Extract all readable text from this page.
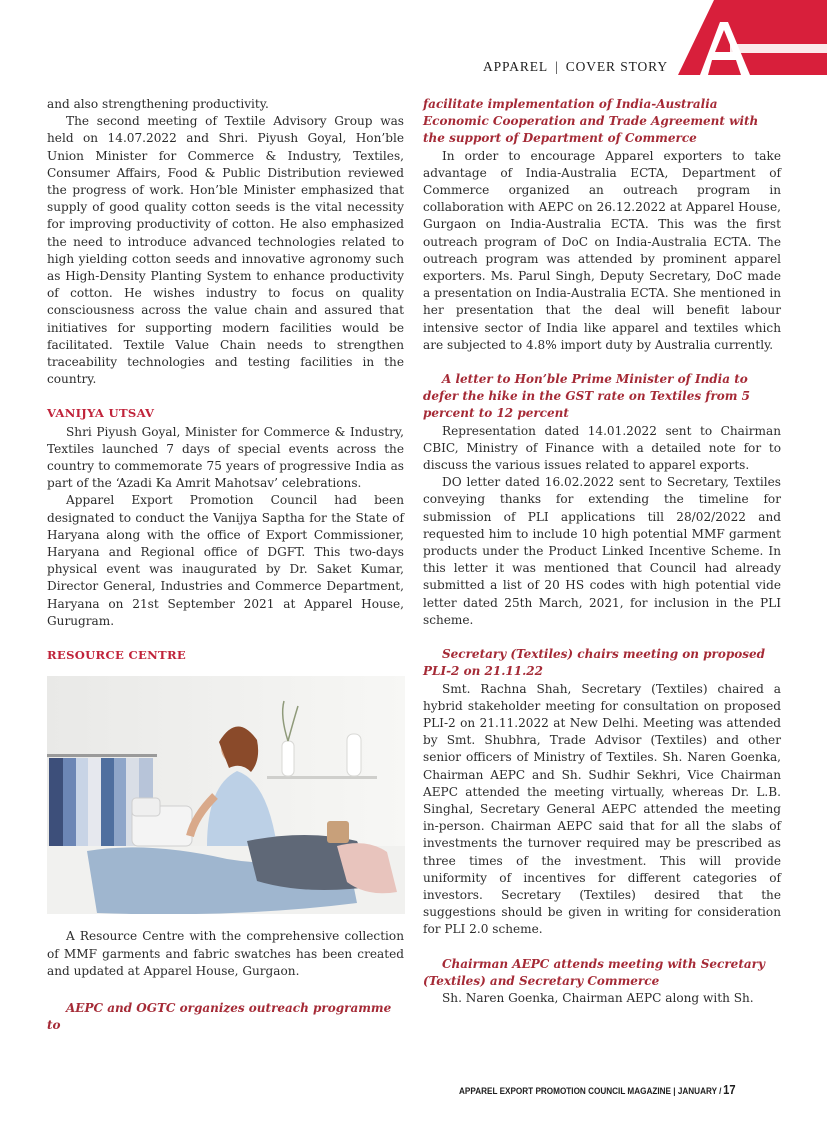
APPAREL | COVER STORY

and also strengthening productivity.

The second meeting of Textile Advisory Group was held on 14.07.2022 and Shri. Piyush Goyal, Hon’ble Union Minister for Commerce & Industry, Textiles, Consumer Affairs, Food & Public Distribution reviewed the progress of work. Hon’ble Minister emphasized that supply of good quality cotton seeds is the vital necessity for improving productivity of cotton. He also emphasized the need to introduce advanced technologies related to high yielding cotton seeds and innovative agronomy such as High-Density Planting System to enhance productivity of cotton. He wishes industry to focus on quality consciousness across the value chain and assured that initiatives for supporting modern facilities would be facilitated. Textile Value Chain needs to strengthen traceability technologies and testing facilities in the country.

VANIJYA UTSAV

Shri Piyush Goyal, Minister for Commerce & Industry, Textiles launched 7 days of special events across the country to commemorate 75 years of progressive India as part of the ‘Azadi Ka Amrit Mahotsav’ celebrations.

Apparel Export Promotion Council had been designated to conduct the Vanijya Saptha for the State of Haryana along with the office of Export Commissioner, Haryana and Regional office of DGFT. This two-days physical event was inaugurated by Dr. Saket Kumar, Director General, Industries and Commerce Department, Haryana on 21st September 2021 at Apparel House, Gurugram.

RESOURCE CENTRE

A Resource Centre with the comprehensive collection of MMF garments and fabric swatches has been created and updated at Apparel House, Gurgaon.

AEPC and OGTC organizes outreach programme to
facilitate implementation of India-Australia Economic Cooperation and Trade Agreement with the support of Department of Commerce

In order to encourage Apparel exporters to take advantage of India-Australia ECTA, Department of Commerce organized an outreach program in collaboration with AEPC on 26.12.2022 at Apparel House, Gurgaon on India-Australia ECTA. This was the first outreach program of DoC on India-Australia ECTA. The outreach program was attended by prominent apparel exporters. Ms. Parul Singh, Deputy Secretary, DoC made a presentation on India-Australia ECTA. She mentioned in her presentation that the deal will benefit labour intensive sector of India like apparel and textiles which are subjected to 4.8% import duty by Australia currently.

A letter to Hon’ble Prime Minister of India to defer the hike in the GST rate on Textiles from 5 percent to 12 percent

Representation dated 14.01.2022 sent to Chairman CBIC, Ministry of Finance with a detailed note for to discuss the various issues related to apparel exports.

DO letter dated 16.02.2022 sent to Secretary, Textiles conveying thanks for extending the timeline for submission of PLI applications till 28/02/2022 and requested him to include 10 high potential MMF garment products under the Product Linked Incentive Scheme. In this letter it was mentioned that Council had already submitted a list of 20 HS codes with high potential vide letter dated 25th March, 2021, for inclusion in the PLI scheme.

Secretary (Textiles) chairs meeting on proposed PLI-2 on 21.11.22

Smt. Rachna Shah, Secretary (Textiles) chaired a hybrid stakeholder meeting for consultation on proposed PLI-2 on 21.11.2022 at New Delhi. Meeting was attended by Smt. Shubhra, Trade Advisor (Textiles) and other senior officers of Ministry of Textiles. Sh. Naren Goenka, Chairman AEPC and Sh. Sudhir Sekhri, Vice Chairman AEPC attended the meeting virtually, whereas Dr. L.B. Singhal, Secretary General AEPC attended the meeting in-person. Chairman AEPC said that for all the slabs of investments the turnover required may be prescribed as three times of the investment. This will provide uniformity of incentives for different categories of investors. Secretary (Textiles) desired that the suggestions should be given in writing for consideration for PLI 2.0 scheme.

Chairman AEPC attends meeting with Secretary (Textiles) and Secretary Commerce

Sh. Naren Goenka, Chairman AEPC along with Sh.

APPAREL EXPORT PROMOTION COUNCIL MAGAZINE | JANUARY / 17
